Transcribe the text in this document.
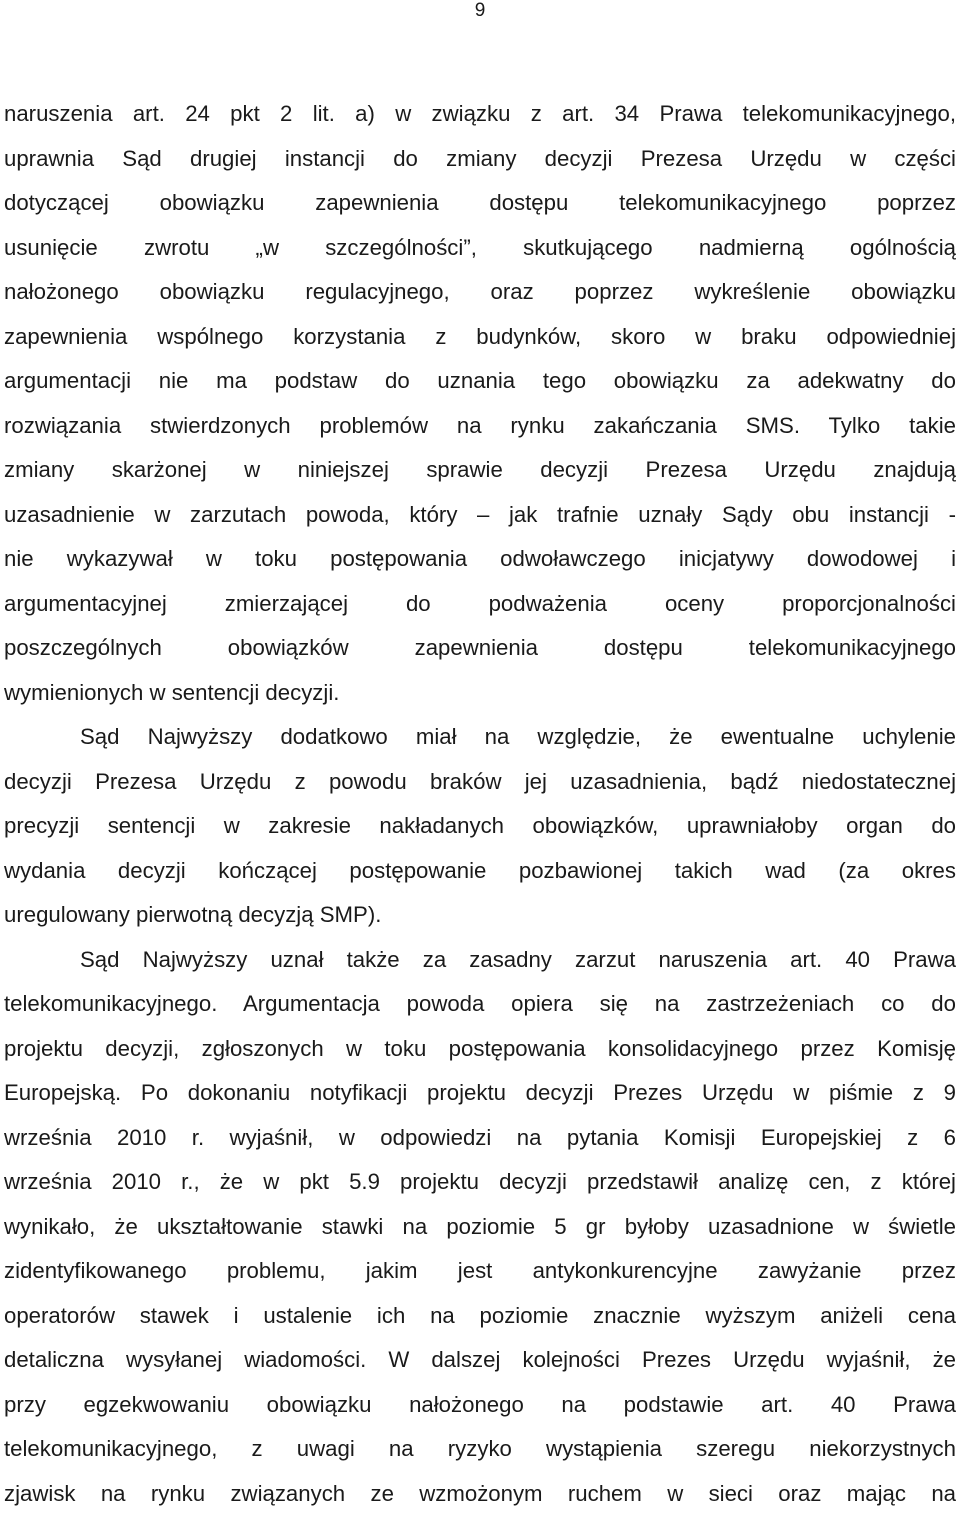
9
naruszenia art. 24 pkt 2 lit. a) w związku z art. 34 Prawa telekomunikacyjnego,
uprawnia Sąd drugiej instancji do zmiany decyzji Prezesa Urzędu w części
dotyczącej obowiązku zapewnienia dostępu telekomunikacyjnego poprzez
usunięcie zwrotu „w szczególności”, skutkującego nadmierną ogólnością
nałożonego obowiązku regulacyjnego, oraz poprzez wykreślenie obowiązku
zapewnienia wspólnego korzystania z budynków, skoro w braku odpowiedniej
argumentacji nie ma podstaw do uznania tego obowiązku za adekwatny do
rozwiązania stwierdzonych problemów na rynku zakańczania SMS. Tylko takie
zmiany skarżonej w niniejszej sprawie decyzji Prezesa Urzędu znajdują
uzasadnienie w zarzutach powoda, który – jak trafnie uznały Sądy obu instancji -
nie wykazywał w toku postępowania odwoławczego inicjatywy dowodowej i
argumentacyjnej zmierzającej do podważenia oceny proporcjonalności
poszczególnych obowiązków zapewnienia dostępu telekomunikacyjnego
wymienionych w sentencji decyzji.
Sąd Najwyższy dodatkowo miał na względzie, że ewentualne uchylenie
decyzji Prezesa Urzędu z powodu braków jej uzasadnienia, bądź niedostatecznej
precyzji sentencji w zakresie nakładanych obowiązków, uprawniałoby organ do
wydania decyzji kończącej postępowanie pozbawionej takich wad (za okres
uregulowany pierwotną decyzją SMP).
Sąd Najwyższy uznał także za zasadny zarzut naruszenia art. 40 Prawa
telekomunikacyjnego. Argumentacja powoda opiera się na zastrzeżeniach co do
projektu decyzji, zgłoszonych w toku postępowania konsolidacyjnego przez Komisję
Europejską. Po dokonaniu notyfikacji projektu decyzji Prezes Urzędu w piśmie z 9
września 2010 r. wyjaśnił, w odpowiedzi na pytania Komisji Europejskiej z 6
września 2010 r., że w pkt 5.9 projektu decyzji przedstawił analizę cen, z której
wynikało, że ukształtowanie stawki na poziomie 5 gr byłoby uzasadnione w świetle
zidentyfikowanego problemu, jakim jest antykonkurencyjne zawyżanie przez
operatorów stawek i ustalenie ich na poziomie znacznie wyższym aniżeli cena
detaliczna wysyłanej wiadomości. W dalszej kolejności Prezes Urzędu wyjaśnił, że
przy egzekwowaniu obowiązku nałożonego na podstawie art. 40 Prawa
telekomunikacyjnego, z uwagi na ryzyko wystąpienia szeregu niekorzystnych
zjawisk na rynku związanych ze wzmożonym ruchem w sieci oraz mając na
